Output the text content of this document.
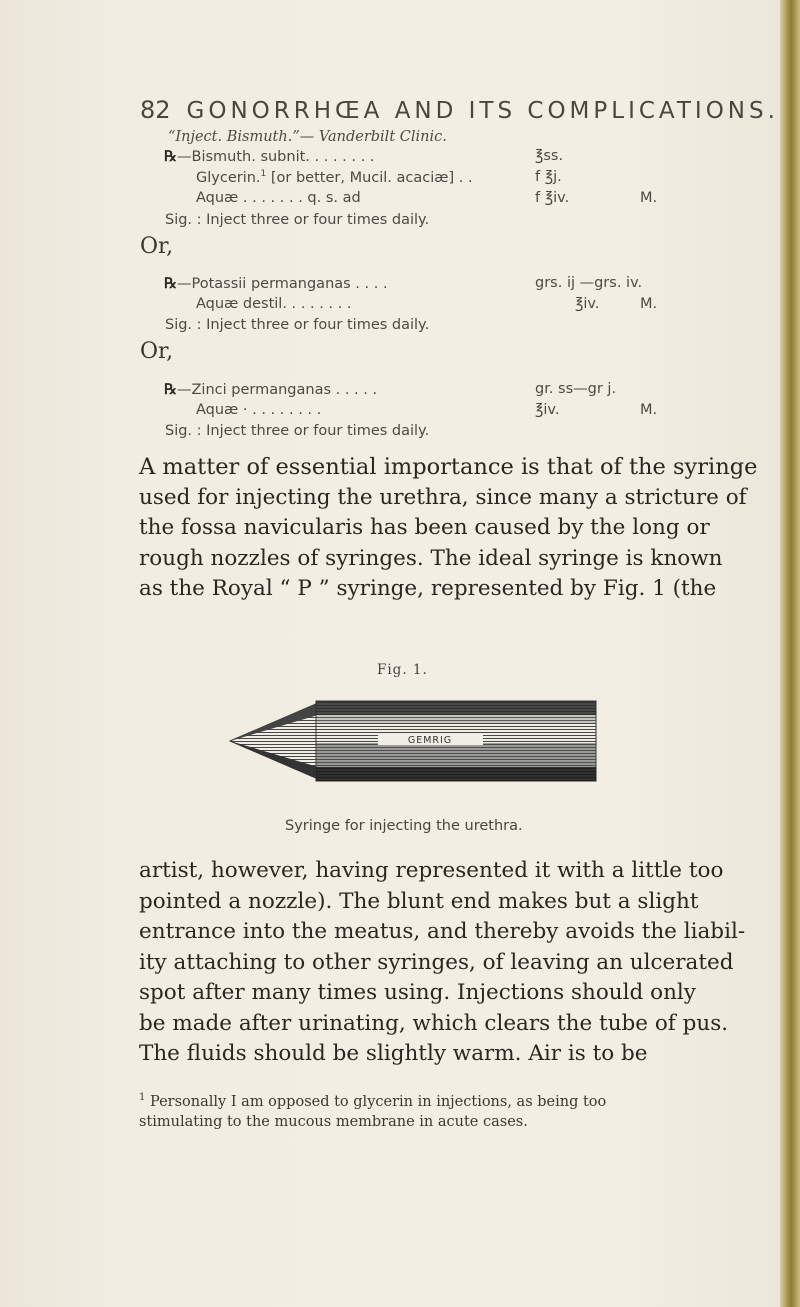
82 GONORRHŒA AND ITS COMPLICATIONS.
“Inject. Bismuth.”— Vanderbilt Clinic.
℞—Bismuth. subnit. . . . . . . .	℥ss.
Glycerin.$^1$ [or better, Mucil. acaciæ] . .	f ℥j.
Aquæ . . . . . . . q. s. ad	f ℥iv.	M.
Sig. : Inject three or four times daily.
Or,
℞—Potassii permanganas . . . .	grs. ij —grs. iv.
Aquæ destil. . . . . . . .	℥iv.	M.
Sig. : Inject three or four times daily.
Or,
℞—Zinci permanganas . . . . .	gr. ss—gr j.
Aquæ · . . . . . . . .	℥iv.	M.
Sig. : Inject three or four times daily.
A matter of essential importance is that of the syringe
used for injecting the urethra, since many a stricture of
the fossa navicularis has been caused by the long or
rough nozzles of syringes. The ideal syringe is known
as the Royal “ P ” syringe, represented by Fig. 1 (the
Fig. 1.
GEMRIG
Syringe for injecting the urethra.
artist, however, having represented it with a little too
pointed a nozzle). The blunt end makes but a slight
entrance into the meatus, and thereby avoids the liabil-
ity attaching to other syringes, of leaving an ulcerated
spot after many times using. Injections should only
be made after urinating, which clears the tube of pus.
The fluids should be slightly warm. Air is to be
$^1$ Personally I am opposed to glycerin in injections, as being too
stimulating to the mucous membrane in acute cases.
